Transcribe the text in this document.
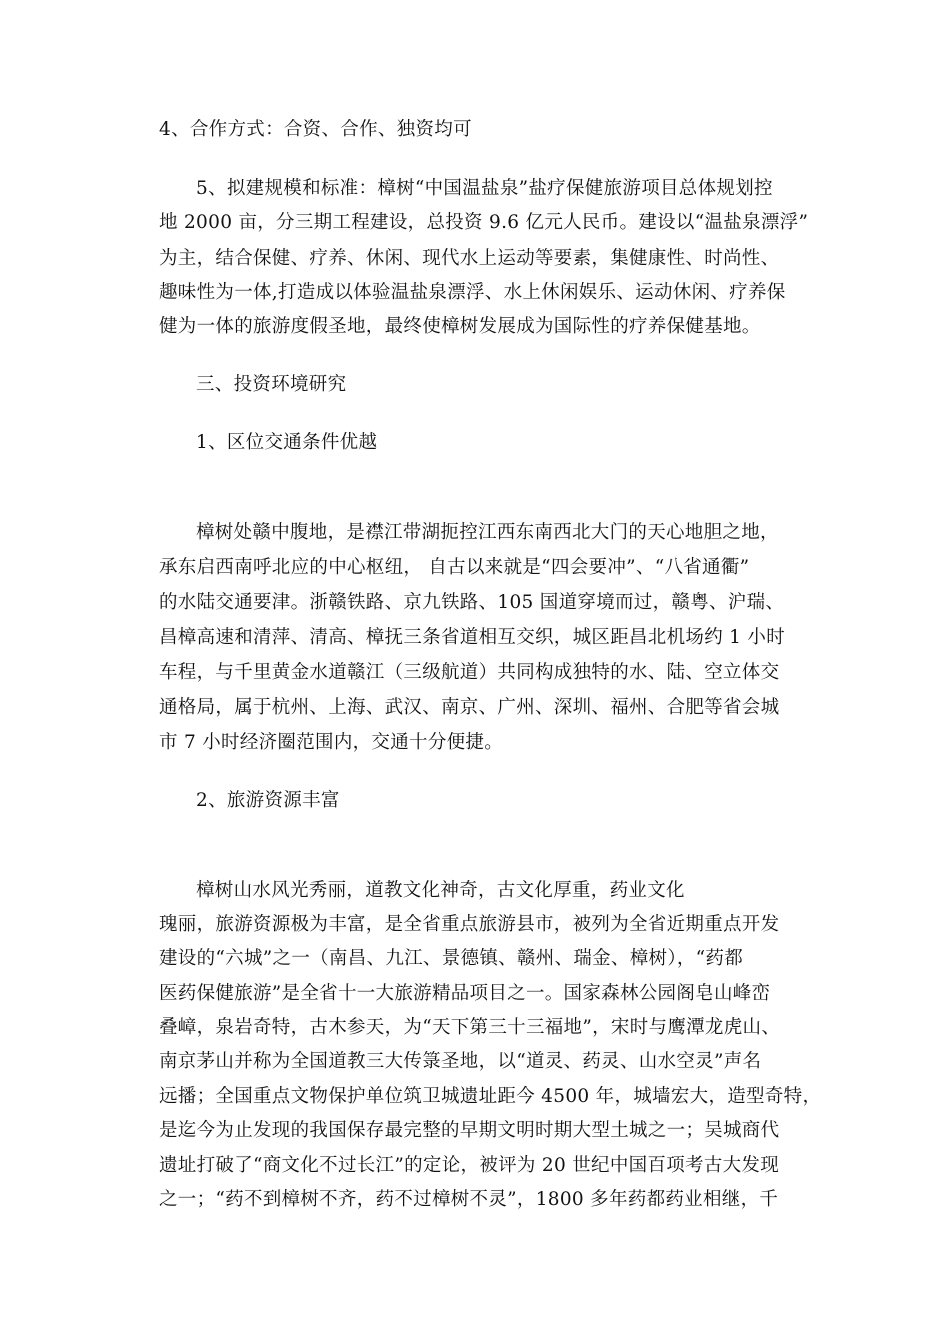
4、合作方式：合资、合作、独资均可
5、拟建规模和标准：樟树“中国温盐泉”盐疗保健旅游项目总体规划控
地 2000 亩，分三期工程建设，总投资 9.6 亿元人民币。建设以“温盐泉漂浮”
为主，结合保健、疗养、休闲、现代水上运动等要素，集健康性、时尚性、
趣味性为一体,打造成以体验温盐泉漂浮、水上休闲娱乐、运动休闲、疗养保
健为一体的旅游度假圣地，最终使樟树发展成为国际性的疗养保健基地。
三、投资环境研究
1、区位交通条件优越
樟树处赣中腹地，是襟江带湖扼控江西东南西北大门的天心地胆之地，
承东启西南呼北应的中心枢纽， 自古以来就是“四会要冲”、“八省通衢”
的水陆交通要津。浙赣铁路、京九铁路、105 国道穿境而过，赣粤、沪瑞、
昌樟高速和清萍、清高、樟抚三条省道相互交织，城区距昌北机场约 1 小时
车程，与千里黄金水道赣江（三级航道）共同构成独特的水、陆、空立体交
通格局，属于杭州、上海、武汉、南京、广州、深圳、福州、合肥等省会城
市 7 小时经济圈范围内，交通十分便捷。
2、旅游资源丰富
樟树山水风光秀丽，道教文化神奇，古文化厚重，药业文化
瑰丽，旅游资源极为丰富，是全省重点旅游县市，被列为全省近期重点开发
建设的“六城”之一（南昌、九江、景德镇、赣州、瑞金、樟树），“药都
医药保健旅游”是全省十一大旅游精品项目之一。国家森林公园阁皂山峰峦
叠嶂，泉岩奇特，古木参天，为“天下第三十三福地”，宋时与鹰潭龙虎山、
南京茅山并称为全国道教三大传箓圣地，以“道灵、药灵、山水空灵”声名
远播；全国重点文物保护单位筑卫城遗址距今 4500 年，城墙宏大，造型奇特，
是迄今为止发现的我国保存最完整的早期文明时期大型土城之一；吴城商代
遗址打破了“商文化不过长江”的定论，被评为 20 世纪中国百项考古大发现
之一；“药不到樟树不齐，药不过樟树不灵”，1800 多年药都药业相继，千
